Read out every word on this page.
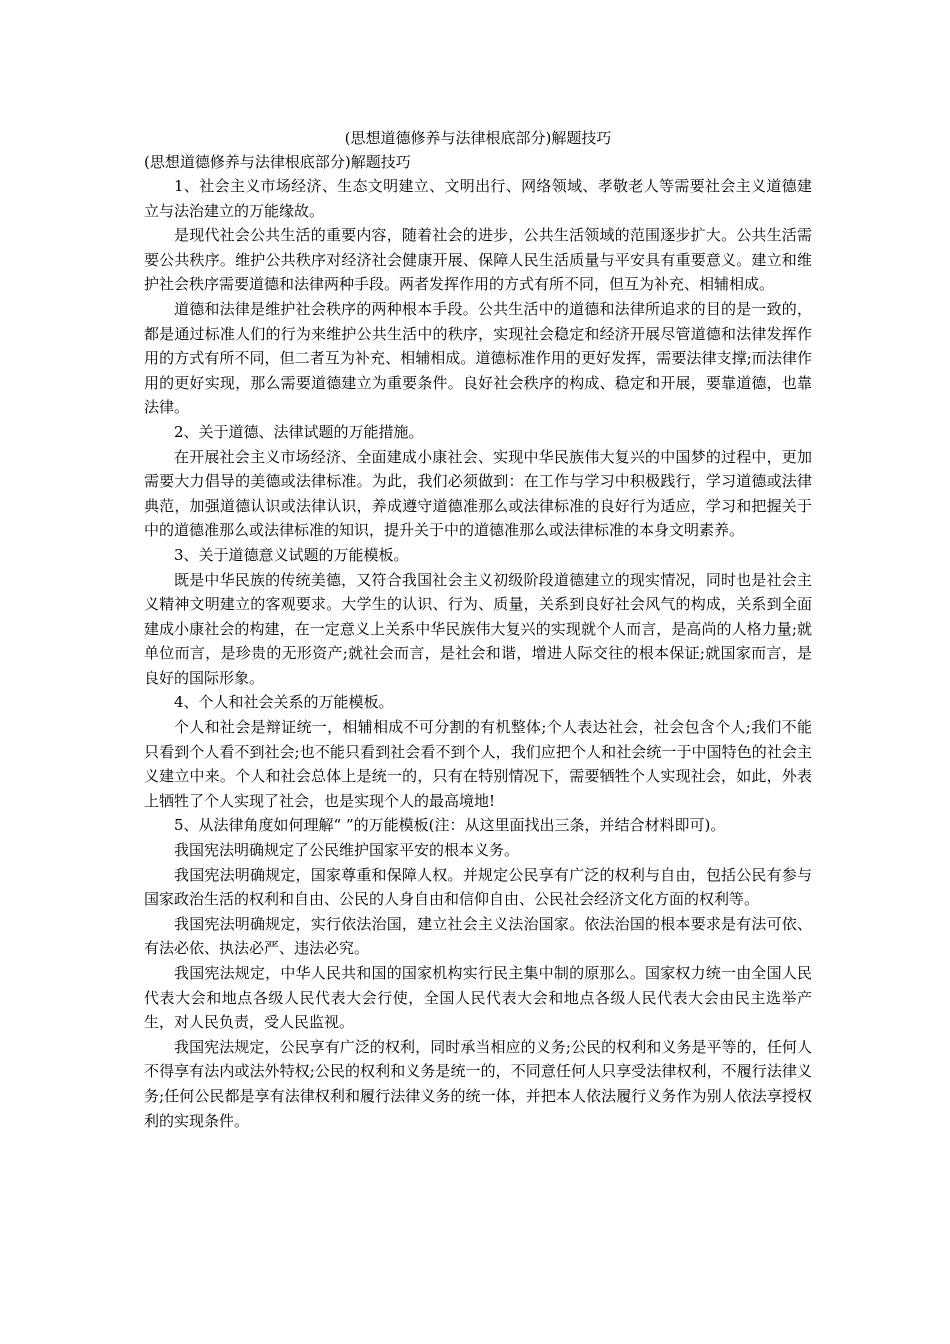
(思想道德修养与法律根底部分)解题技巧
(思想道德修养与法律根底部分)解题技巧

1、社会主义市场经济、生态文明建立、文明出行、网络领域、孝敬老人等需要社会主义道德建立与法治建立的万能缘故。

是现代社会公共生活的重要内容，随着社会的进步，公共生活领域的范围逐步扩大。公共生活需要公共秩序。维护公共秩序对经济社会健康开展、保障人民生活质量与平安具有重要意义。建立和维护社会秩序需要道德和法律两种手段。两者发挥作用的方式有所不同，但互为补充、相辅相成。

道德和法律是维护社会秩序的两种根本手段。公共生活中的道德和法律所追求的目的是一致的，都是通过标准人们的行为来维护公共生活中的秩序，实现社会稳定和经济开展尽管道德和法律发挥作用的方式有所不同，但二者互为补充、相辅相成。道德标准作用的更好发挥，需要法律支撑;而法律作用的更好实现，那么需要道德建立为重要条件。良好社会秩序的构成、稳定和开展，要靠道德，也靠法律。

2、关于道德、法律试题的万能措施。

在开展社会主义市场经济、全面建成小康社会、实现中华民族伟大复兴的中国梦的过程中，更加需要大力倡导的美德或法律标准。为此，我们必须做到：在工作与学习中积极践行，学习道德或法律典范，加强道德认识或法律认识，养成遵守道德准那么或法律标准的良好行为适应，学习和把握关于中的道德准那么或法律标准的知识，提升关于中的道德准那么或法律标准的本身文明素养。

3、关于道德意义试题的万能模板。

既是中华民族的传统美德，又符合我国社会主义初级阶段道德建立的现实情况，同时也是社会主义精神文明建立的客观要求。大学生的认识、行为、质量，关系到良好社会风气的构成，关系到全面建成小康社会的构建，在一定意义上关系中华民族伟大复兴的实现就个人而言，是高尚的人格力量;就单位而言，是珍贵的无形资产;就社会而言，是社会和谐，增进人际交往的根本保证;就国家而言，是良好的国际形象。

4、个人和社会关系的万能模板。

个人和社会是辩证统一，相辅相成不可分割的有机整体;个人表达社会，社会包含个人;我们不能只看到个人看不到社会;也不能只看到社会看不到个人，我们应把个人和社会统一于中国特色的社会主义建立中来。个人和社会总体上是统一的，只有在特别情况下，需要牺牲个人实现社会，如此，外表上牺牲了个人实现了社会，也是实现个人的最高境地!

5、从法律角度如何理解“ ”的万能模板(注：从这里面找出三条，并结合材料即可)。

我国宪法明确规定了公民维护国家平安的根本义务。

我国宪法明确规定，国家尊重和保障人权。并规定公民享有广泛的权利与自由，包括公民有参与国家政治生活的权利和自由、公民的人身自由和信仰自由、公民社会经济文化方面的权利等。

我国宪法明确规定，实行依法治国，建立社会主义法治国家。依法治国的根本要求是有法可依、有法必依、执法必严、违法必究。

我国宪法规定，中华人民共和国的国家机构实行民主集中制的原那么。国家权力统一由全国人民代表大会和地点各级人民代表大会行使，全国人民代表大会和地点各级人民代表大会由民主选举产生，对人民负责，受人民监视。

我国宪法规定，公民享有广泛的权利，同时承当相应的义务;公民的权利和义务是平等的，任何人不得享有法内或法外特权;公民的权利和义务是统一的，不同意任何人只享受法律权利，不履行法律义务;任何公民都是享有法律权利和履行法律义务的统一体，并把本人依法履行义务作为别人依法享授权利的实现条件。
